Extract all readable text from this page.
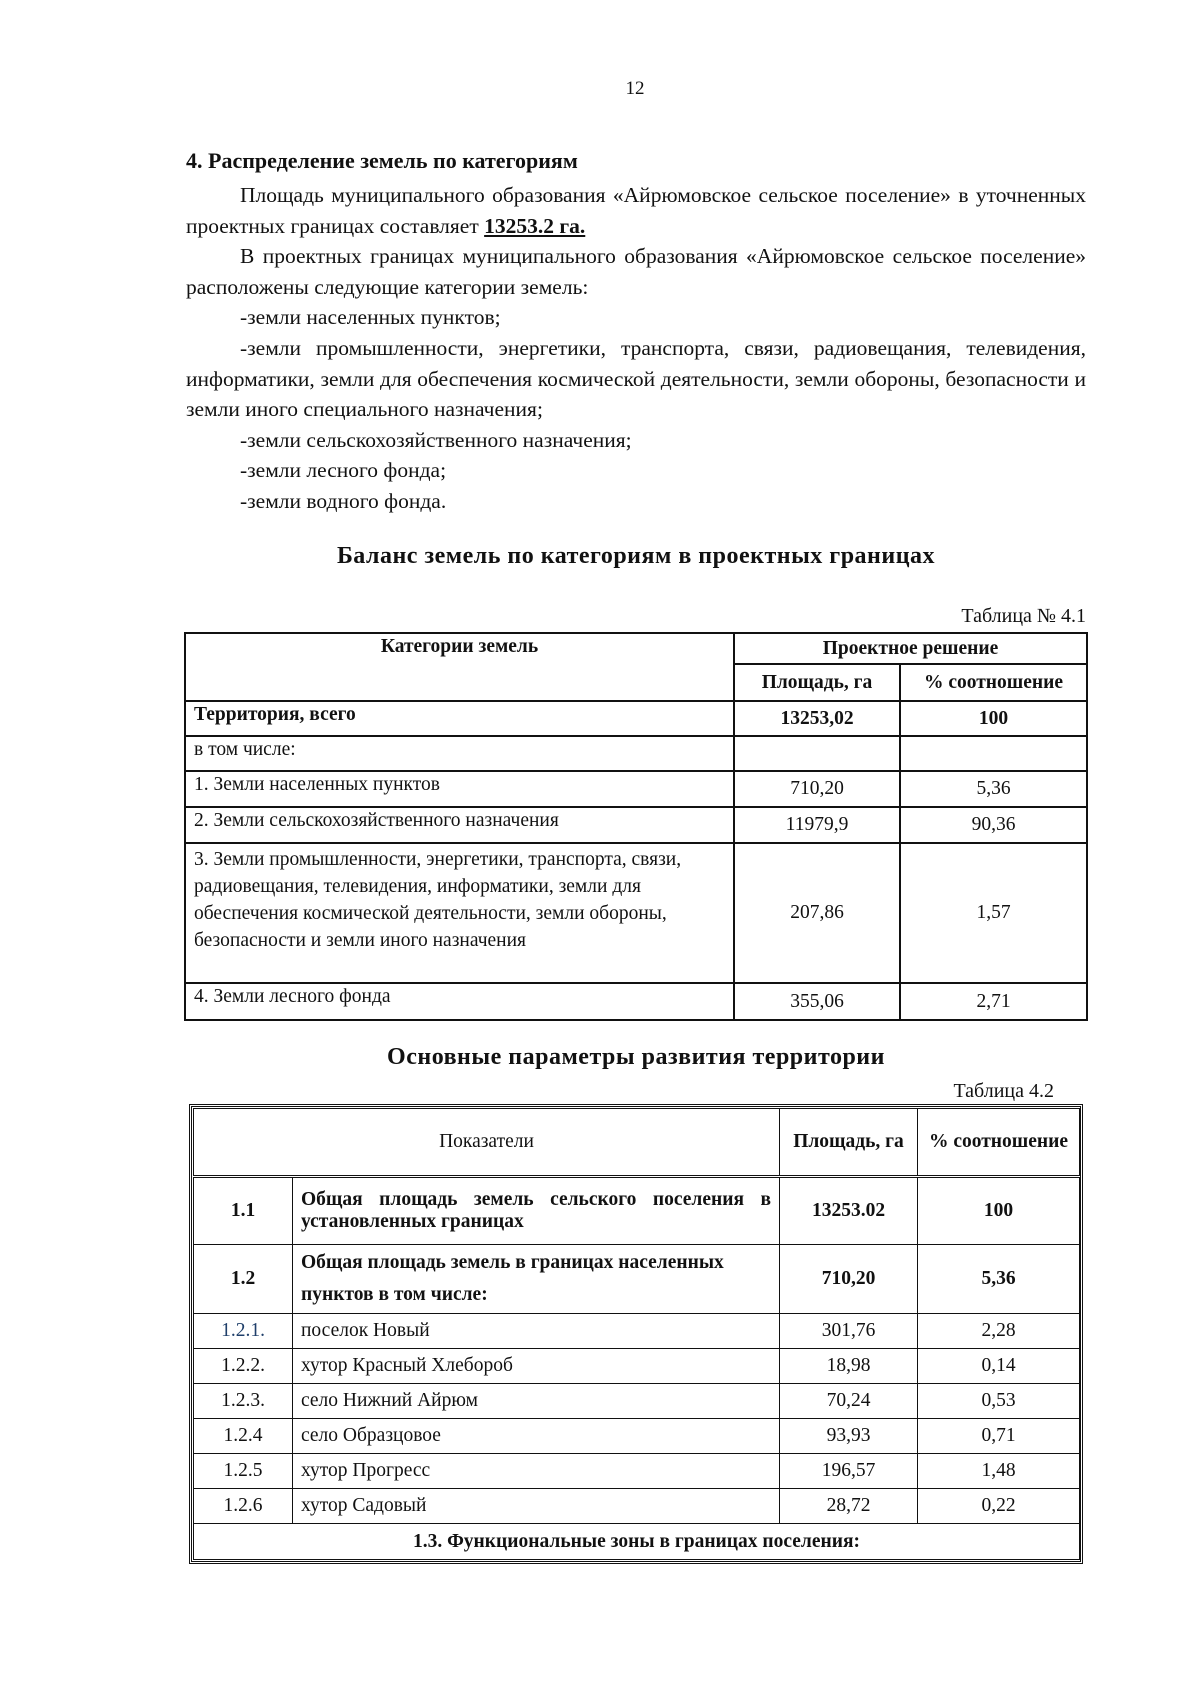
12
4. Распределение земель по категориям

Площадь муниципального образования «Айрюмовское сельское поселение» в уточненных проектных границах составляет 13253.2 га.

В проектных границах муниципального образования «Айрюмовское сельское поселение» расположены следующие категории земель:

-земли населенных пунктов;

-земли промышленности, энергетики, транспорта, связи, радиовещания, телевидения, информатики, земли для обеспечения космической деятельности, земли обороны, безопасности и земли иного специального назначения;

-земли сельскохозяйственного назначения;

-земли лесного фонда;

-земли водного фонда.

Баланс земель по категориям в проектных границах
Таблица № 4.1
Категории земель	Проектное решение	
	Площадь, га	% соотношение
Территория, всего	13253,02	100
в том числе:		
1. Земли населенных пунктов	710,20	5,36
2. Земли сельскохозяйственного назначения	11979,9	90,36
3. Земли промышленности, энергетики, транспорта, связи, радиовещания, телевидения, информатики, земли для обеспечения космической деятельности, земли обороны, безопасности и земли иного назначения	207,86	1,57
4. Земли лесного фонда	355,06	2,71
Основные параметры развития территории
Таблица 4.2
Показатели		Площадь, га	% соотношение
1.1	Общая площадь земель сельского поселения в установленных границах	13253.02	100
1.2	Общая площадь земель в границах населенных пунктов в том числе:	710,20	5,36
1.2.1.	поселок Новый	301,76	2,28
1.2.2.	хутор Красный Хлебороб	18,98	0,14
1.2.3.	село Нижний Айрюм	70,24	0,53
1.2.4	село Образцовое	93,93	0,71
1.2.5	хутор Прогресс	196,57	1,48
1.2.6	хутор Садовый	28,72	0,22
1.3. Функциональные зоны в границах поселения:			
